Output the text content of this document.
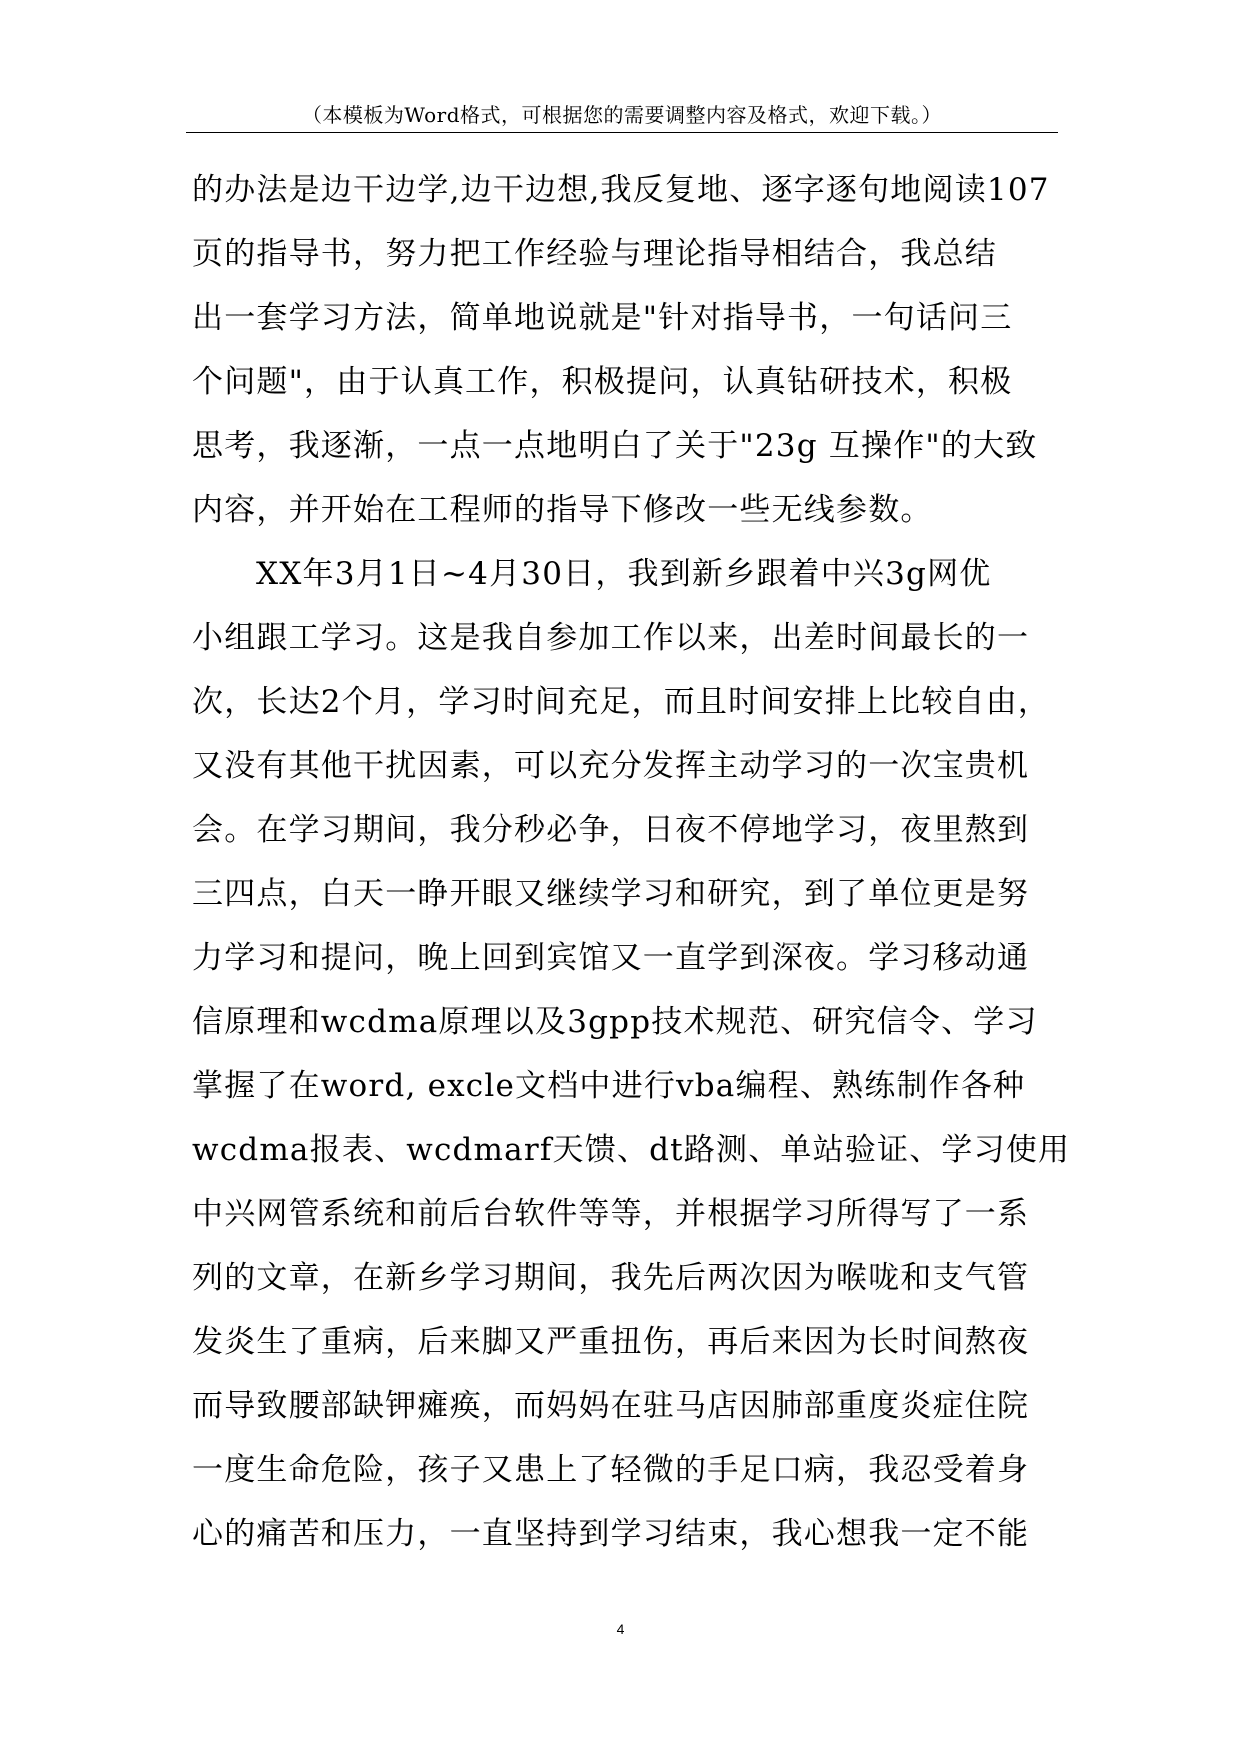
（本模板为Word格式，可根据您的需要调整内容及格式，欢迎下载。）
的办法是边干边学,边干边想,我反复地、逐字逐句地阅读107
页的指导书，努力把工作经验与理论指导相结合，我总结
出一套学习方法，简单地说就是"针对指导书，一句话问三
个问题"，由于认真工作，积极提问，认真钻研技术，积极
思考，我逐渐，一点一点地明白了关于"23g 互操作"的大致
内容，并开始在工程师的指导下修改一些无线参数。
XX年3月1日~4月30日，我到新乡跟着中兴3g网优
小组跟工学习。这是我自参加工作以来，出差时间最长的一
次，长达2个月，学习时间充足，而且时间安排上比较自由，
又没有其他干扰因素，可以充分发挥主动学习的一次宝贵机
会。在学习期间，我分秒必争，日夜不停地学习，夜里熬到
三四点，白天一睁开眼又继续学习和研究，到了单位更是努
力学习和提问，晚上回到宾馆又一直学到深夜。学习移动通
信原理和wcdma原理以及3gpp技术规范、研究信令、学习
掌握了在word, excle文档中进行vba编程、熟练制作各种
wcdma报表、wcdmarf天馈、dt路测、单站验证、学习使用
中兴网管系统和前后台软件等等，并根据学习所得写了一系
列的文章，在新乡学习期间，我先后两次因为喉咙和支气管
发炎生了重病，后来脚又严重扭伤，再后来因为长时间熬夜
而导致腰部缺钾瘫痪，而妈妈在驻马店因肺部重度炎症住院
一度生命危险，孩子又患上了轻微的手足口病，我忍受着身
心的痛苦和压力，一直坚持到学习结束，我心想我一定不能
4
